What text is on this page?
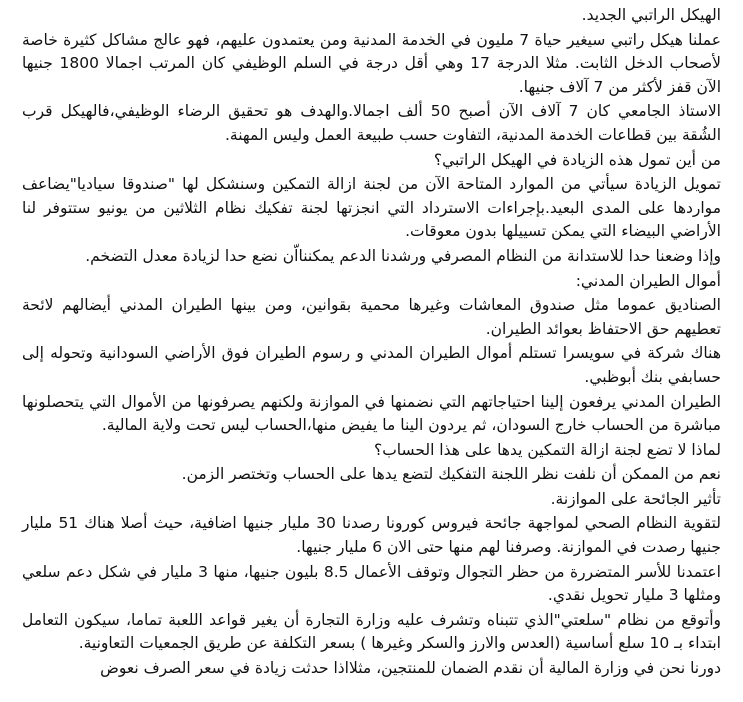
الهيكل الراتبي الجديد.

عملنا هيكل راتبي سيغير حياة 7 مليون في الخدمة المدنية ومن يعتمدون عليهم، فهو عالج مشاكل كثيرة خاصة لأصحاب الدخل الثابت. مثلا الدرجة 17 وهي أقل درجة في السلم الوظيفي كان المرتب اجمالا 1800 جنيها الآن قفز لأكثر من 7 آلاف جنيها.

الاستاذ الجامعي كان 7 آلاف الآن أصبح 50 ألف اجمالا.والهدف هو تحقيق الرضاء الوظيفي،فالهيكل قرب الشُقة بين قطاعات الخدمة المدنية، التفاوت حسب طبيعة العمل وليس المهنة.

من أين تمول هذه الزيادة في الهيكل الراتبي؟

تمويل الزيادة سيأتي من الموارد المتاحة الآن من لجنة ازالة التمكين وسنشكل لها "صندوقا سياديا"يضاعف مواردها على المدى البعيد.بإجراءات الاسترداد التي انجزتها لجنة تفكيك نظام الثلاثين من يونيو ستتوفر لنا الأراضي البيضاء التي يمكن تسييلها بدون معوقات.

وإذا وضعنا حدا للاستدانة من النظام المصرفي ورشدنا الدعم يمكننااّن نضع حدا لزيادة معدل التضخم.

أموال الطيران المدني:

الصناديق عموما مثل صندوق المعاشات وغيرها محمية بقوانين، ومن بينها الطيران المدني أيضالهم لائحة تعطيهم حق الاحتفاظ بعوائد الطيران.

هناك شركة في سويسرا تستلم أموال الطيران المدني و رسوم الطيران فوق الأراضي السودانية وتحوله إلى حسابفي بنك أبوظبي.

الطيران المدني يرفعون إلينا احتياجاتهم التي نضمنها في الموازنة ولكنهم يصرفونها من الأموال التي يتحصلونها مباشرة من الحساب خارج السودان، ثم يردون الينا ما يفيض منها،الحساب ليس تحت ولاية المالية.

لماذا لا تضع لجنة ازالة التمكين يدها على هذا الحساب؟

نعم من الممكن أن نلفت نظر اللجنة التفكيك لتضع يدها على الحساب وتختصر الزمن.

تأثير الجائحة على الموازنة.

لتقوية النظام الصحي لمواجهة جائحة فيروس كورونا رصدنا 30 مليار جنيها اضافية، حيث أصلا هناك 51 مليار جنيها رصدت في الموازنة. وصرفنا لهم منها حتى الان 6 مليار جنيها.

اعتمدنا للأسر المتضررة من حظر التجوال وتوقف الأعمال 8.5 بليون جنيها، منها 3 مليار في شكل دعم سلعي ومثلها 3 مليار تحويل نقدي.

وأتوقع من نظام "سلعتي"الذي تتبناه وتشرف عليه وزارة التجارة أن يغير قواعد اللعبة تماما، سيكون التعامل ابتداء بـ 10 سلع أساسية (العدس والارز والسكر وغيرها ) بسعر التكلفة عن طريق الجمعيات التعاونية.

دورنا نحن في وزارة المالية أن نقدم الضمان للمنتجين، مثلااذا حدثت زيادة في سعر الصرف نعوض
